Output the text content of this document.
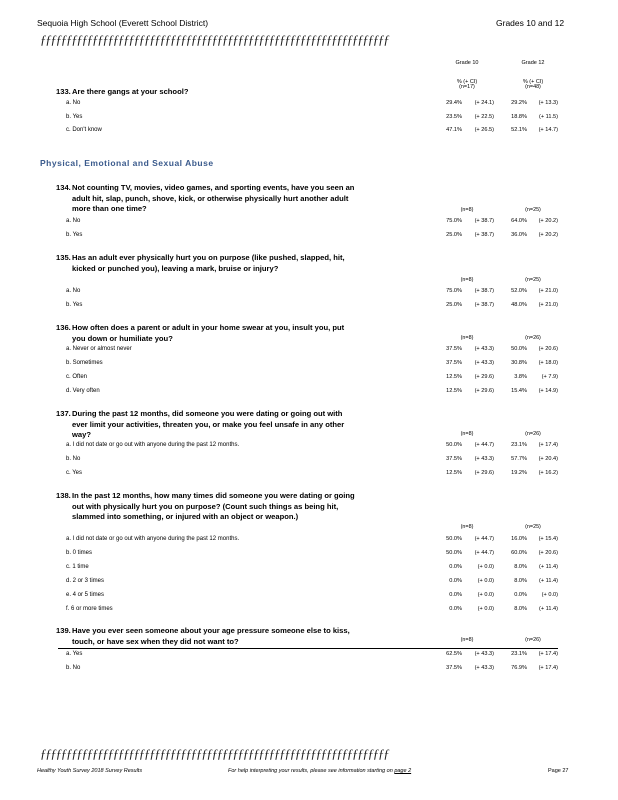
Sequoia High School (Everett School District)	Grades 10 and 12
ƒƒƒƒƒƒƒƒƒƒƒƒƒƒƒƒƒƒƒƒƒƒƒƒƒƒƒƒƒƒƒƒƒƒƒƒƒƒƒƒƒƒƒƒƒƒƒƒƒƒƒƒƒƒƒƒƒƒƒƒƒƒƒƒƒƒƒ
Grade 10	Grade 12
% (+ CI)	% (+ CI)
Physical, Emotional and Sexual Abuse
133. Are there gangs at your school?	(n=17)	(n=48)
a. No	29.4%	(+ 24.1)	29.2%	(+ 13.3)
b. Yes	23.5%	(+ 22.5)	18.8%	(+ 11.5)
c. Don't know	47.1%	(+ 26.5)	52.1%	(+ 14.7)
134. Not counting TV, movies, video games, and sporting events, have you seen an adult hit, slap, punch, shove, kick, or otherwise physically hurt another adult more than one time?	(n=8)	(n=25)
a. No	75.0%	(+ 38.7)	64.0%	(+ 20.2)
b. Yes	25.0%	(+ 38.7)	36.0%	(+ 20.2)
135. Has an adult ever physically hurt you on purpose (like pushed, slapped, hit, kicked or punched you), leaving a mark, bruise or injury?
(n=8)	(n=25)
a. No	75.0%	(+ 38.7)	52.0%	(+ 21.0)
b. Yes	25.0%	(+ 38.7)	48.0%	(+ 21.0)
136. How often does a parent or adult in your home swear at you, insult you, put you down or humiliate you?	(n=8)	(n=26)
a. Never or almost never	37.5%	(+ 43.3)	50.0%	(+ 20.6)
b. Sometimes	37.5%	(+ 43.3)	30.8%	(+ 18.0)
c. Often	12.5%	(+ 29.6)	3.8%	(+ 7.9)
d. Very often	12.5%	(+ 29.6)	15.4%	(+ 14.9)
137. During the past 12 months, did someone you were dating or going out with ever limit your activities, threaten you, or make you feel unsafe in any other way?	(n=8)	(n=26)
a. I did not date or go out with anyone during the past 12 months.	50.0%	(+ 44.7)	23.1%	(+ 17.4)
b. No	37.5%	(+ 43.3)	57.7%	(+ 20.4)
c. Yes	12.5%	(+ 29.6)	19.2%	(+ 16.2)
138. In the past 12 months, how many times did someone you were dating or going out with physically hurt you on purpose? (Count such things as being hit, slammed into something, or injured with an object or weapon.)
(n=8)	(n=25)
a. I did not date or go out with anyone during the past 12 months.	50.0%	(+ 44.7)	16.0%	(+ 15.4)
b. 0 times	50.0%	(+ 44.7)	60.0%	(+ 20.6)
c. 1 time	0.0%	(+ 0.0)	8.0%	(+ 11.4)
d. 2 or 3 times	0.0%	(+ 0.0)	8.0%	(+ 11.4)
e. 4 or 5 times	0.0%	(+ 0.0)	0.0%	(+ 0.0)
f. 6 or more times	0.0%	(+ 0.0)	8.0%	(+ 11.4)
139. Have you ever seen someone about your age pressure someone else to kiss, touch, or have sex when they did not want to?	(n=8)	(n=26)
a. Yes	62.5%	(+ 43.3)	23.1%	(+ 17.4)
b. No	37.5%	(+ 43.3)	76.9%	(+ 17.4)
ƒƒƒƒƒƒƒƒƒƒƒƒƒƒƒƒƒƒƒƒƒƒƒƒƒƒƒƒƒƒƒƒƒƒƒƒƒƒƒƒƒƒƒƒƒƒƒƒƒƒƒƒƒƒƒƒƒƒƒƒƒƒƒƒƒƒƒ
Healthy Youth Survey 2018 Survey Results	For help interpreting your results, please see information starting on page 2	Page 27
